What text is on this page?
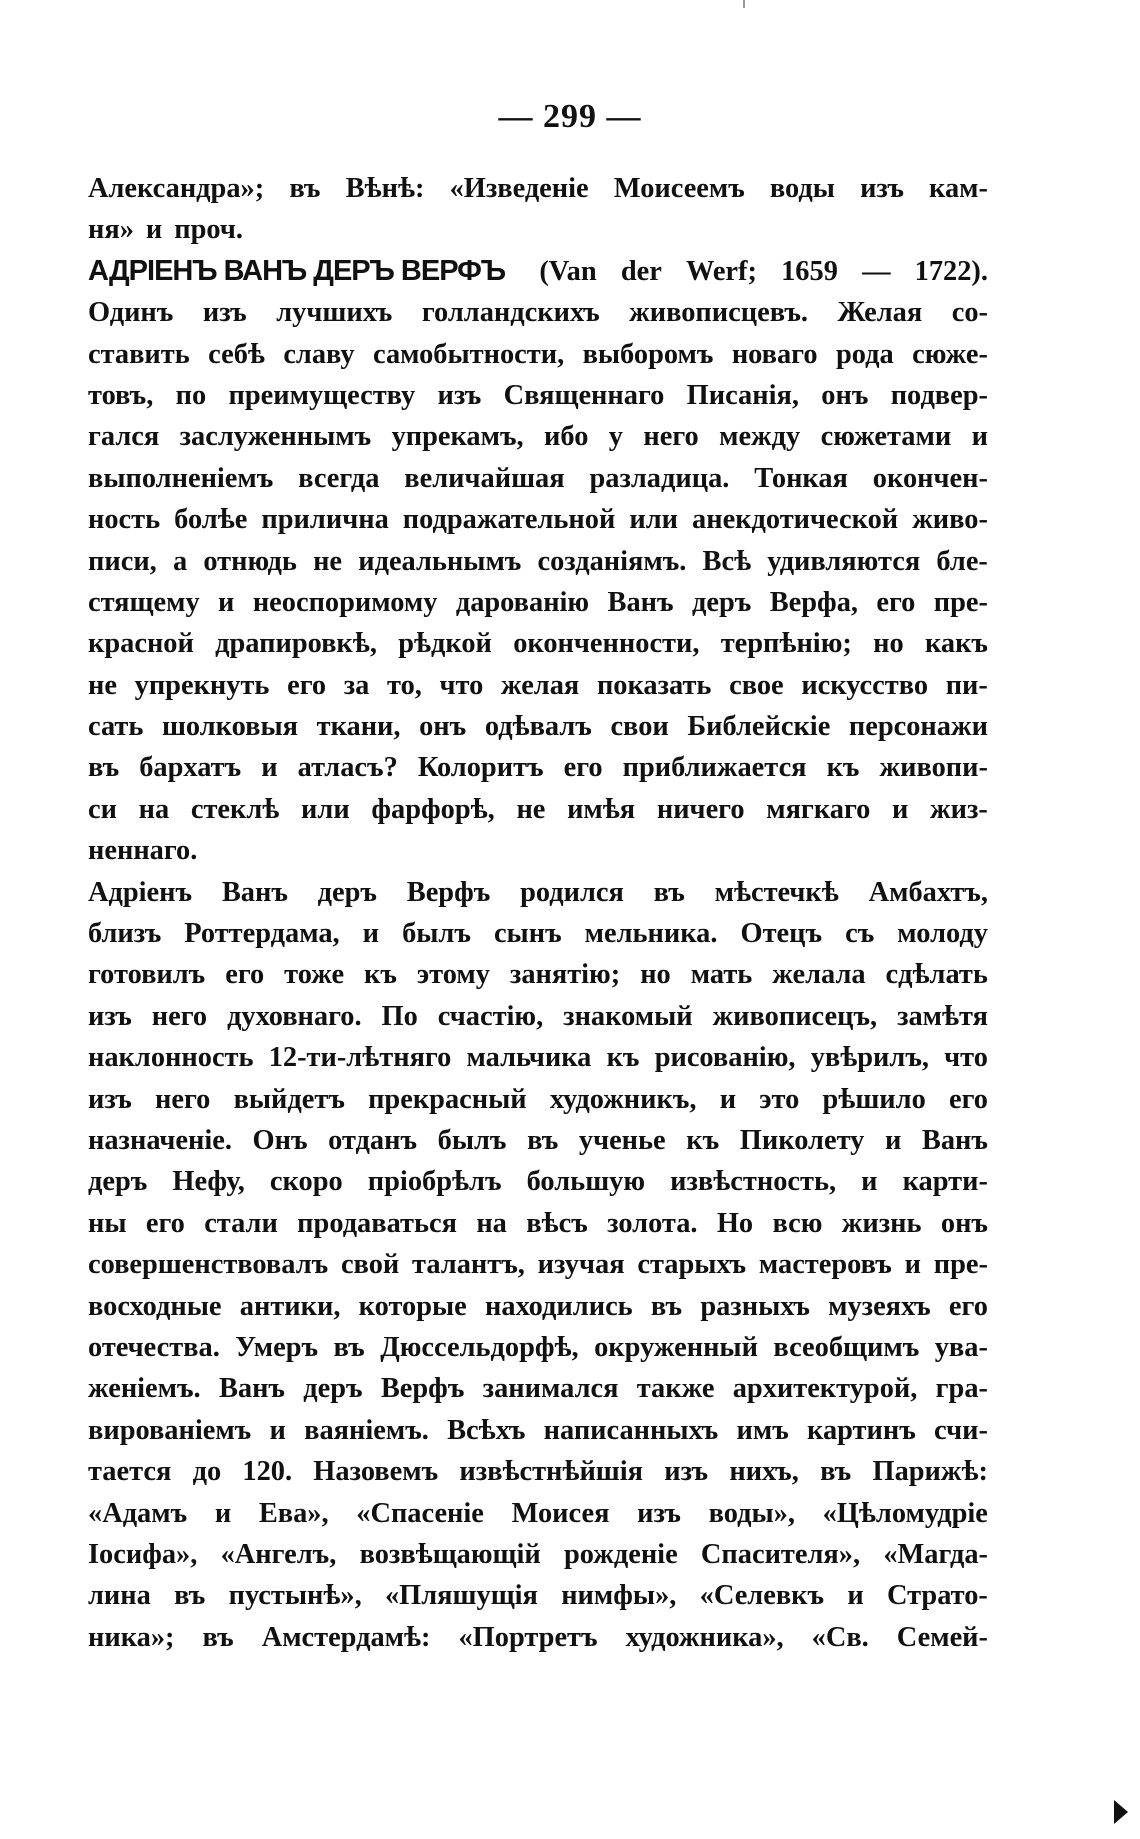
— 299 —
Александра»; въ Вѣнѣ: «Изведеніе Моисеемъ воды изъ кам-
ня» и проч.
АДРІЕНЪ ВАНЪ ДЕРЪ ВЕРФЪ (Van der Werf; 1659 — 1722).
Одинъ изъ лучшихъ голландскихъ живописцевъ. Желая со-
ставить себѣ славу самобытности, выборомъ новаго рода сюже-
товъ, по преимуществу изъ Священнаго Писанія, онъ подвер-
гался заслуженнымъ упрекамъ, ибо у него между сюжетами и
выполненіемъ всегда величайшая разладица. Тонкая окончен-
ность болѣе прилична подражательной или анекдотической живо-
писи, а отнюдь не идеальнымъ созданіямъ. Всѣ удивляются бле-
стящему и неоспоримому дарованію Ванъ деръ Верфа, его пре-
красной драпировкѣ, рѣдкой оконченности, терпѣнію; но какъ
не упрекнуть его за то, что желая показать свое искусство пи-
сать шолковыя ткани, онъ одѣвалъ свои Библейскіе персонажи
въ бархатъ и атласъ? Колоритъ его приближается къ живопи-
си на стеклѣ или фарфорѣ, не имѣя ничего мягкаго и жиз-
неннаго.
Адріенъ Ванъ деръ Верфъ родился въ мѣстечкѣ Амбахтъ,
близъ Роттердама, и былъ сынъ мельника. Отецъ съ молоду
готовилъ его тоже къ этому занятію; но мать желала сдѣлать
изъ него духовнаго. По счастію, знакомый живописецъ, замѣтя
наклонность 12-ти-лѣтняго мальчика къ рисованію, увѣрилъ, что
изъ него выйдетъ прекрасный художникъ, и это рѣшило его
назначеніе. Онъ отданъ былъ въ ученье къ Пиколету и Ванъ
деръ Нефу, скоро пріобрѣлъ большую извѣстность, и карти-
ны его стали продаваться на вѣсъ золота. Но всю жизнь онъ
совершенствовалъ свой талантъ, изучая старыхъ мастеровъ и пре-
восходные антики, которые находились въ разныхъ музеяхъ его
отечества. Умеръ въ Дюссельдорфѣ, окруженный всеобщимъ ува-
женіемъ. Ванъ деръ Верфъ занимался также архитектурой, гра-
вированіемъ и ваяніемъ. Всѣхъ написанныхъ имъ картинъ счи-
тается до 120. Назовемъ извѣстнѣйшія изъ нихъ, въ Парижѣ:
«Адамъ и Ева», «Спасеніе Моисея изъ воды», «Цѣломудріе
Іосифа», «Ангелъ, возвѣщающій рожденіе Спасителя», «Магда-
лина въ пустынѣ», «Пляшущія нимфы», «Селевкъ и Страто-
ника»; въ Амстердамѣ: «Портретъ художника», «Св. Семей-
